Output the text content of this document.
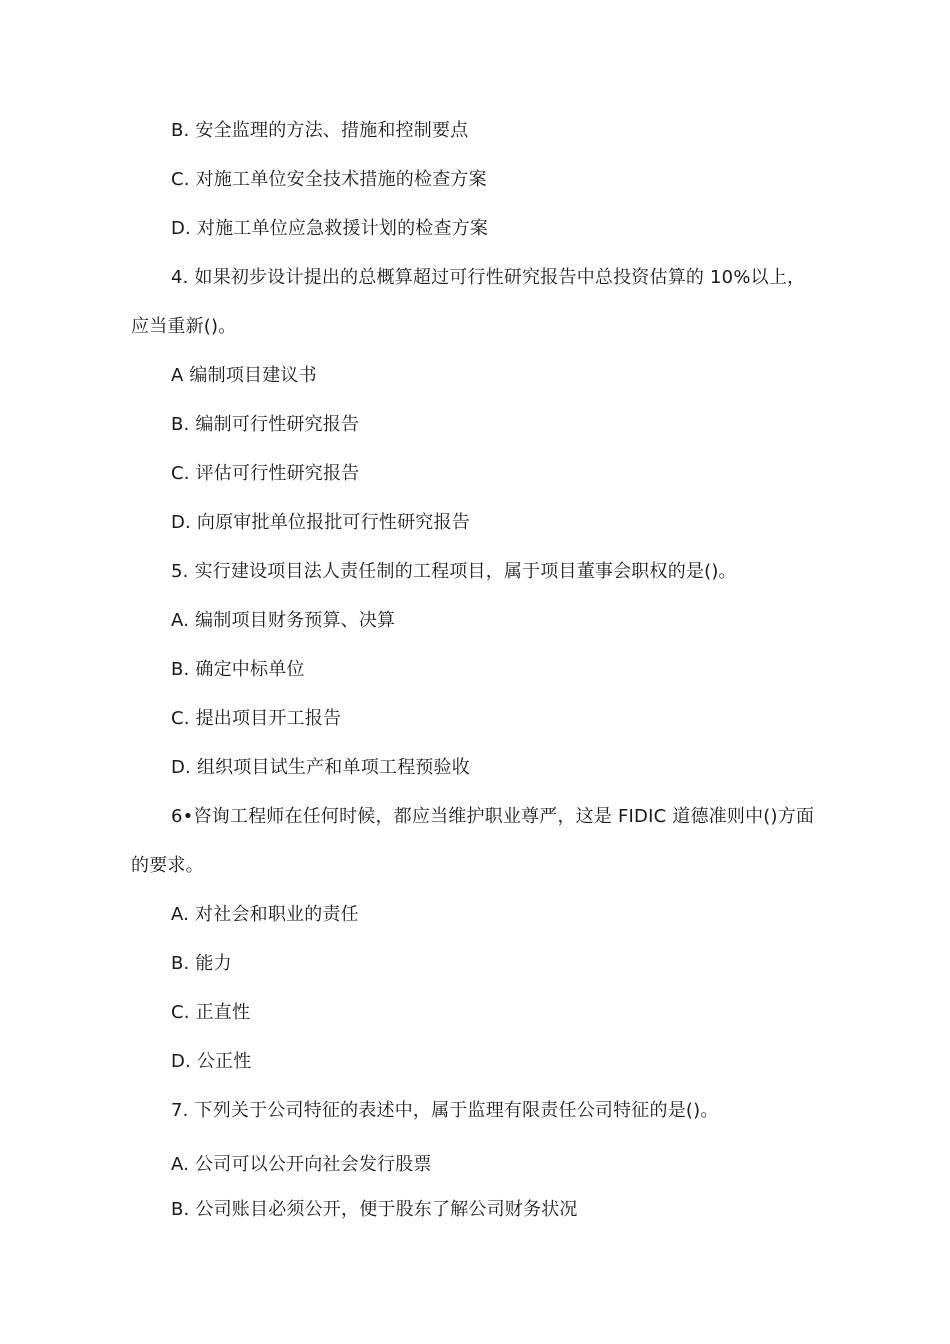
B. 安全监理的方法、措施和控制要点
C. 对施工单位安全技术措施的检查方案
D. 对施工单位应急救援计划的检查方案
4. 如果初步设计提出的总概算超过可行性研究报告中总投资估算的 10%以上，
应当重新()。
A 编制项目建议书
B. 编制可行性研究报告
C. 评估可行性研究报告
D. 向原审批单位报批可行性研究报告
5. 实行建设项目法人责任制的工程项目，属于项目董事会职权的是()。
A. 编制项目财务预算、决算
B. 确定中标单位
C. 提出项目开工报告
D. 组织项目试生产和单项工程预验收
6•咨询工程师在任何时候，都应当维护职业尊严，这是 FIDIC 道德准则中()方面
的要求。
A. 对社会和职业的责任
B. 能力
C. 正直性
D. 公正性
7. 下列关于公司特征的表述中，属于监理有限责任公司特征的是()。
A. 公司可以公开向社会发行股票
B. 公司账目必须公开，便于股东了解公司财务状况
